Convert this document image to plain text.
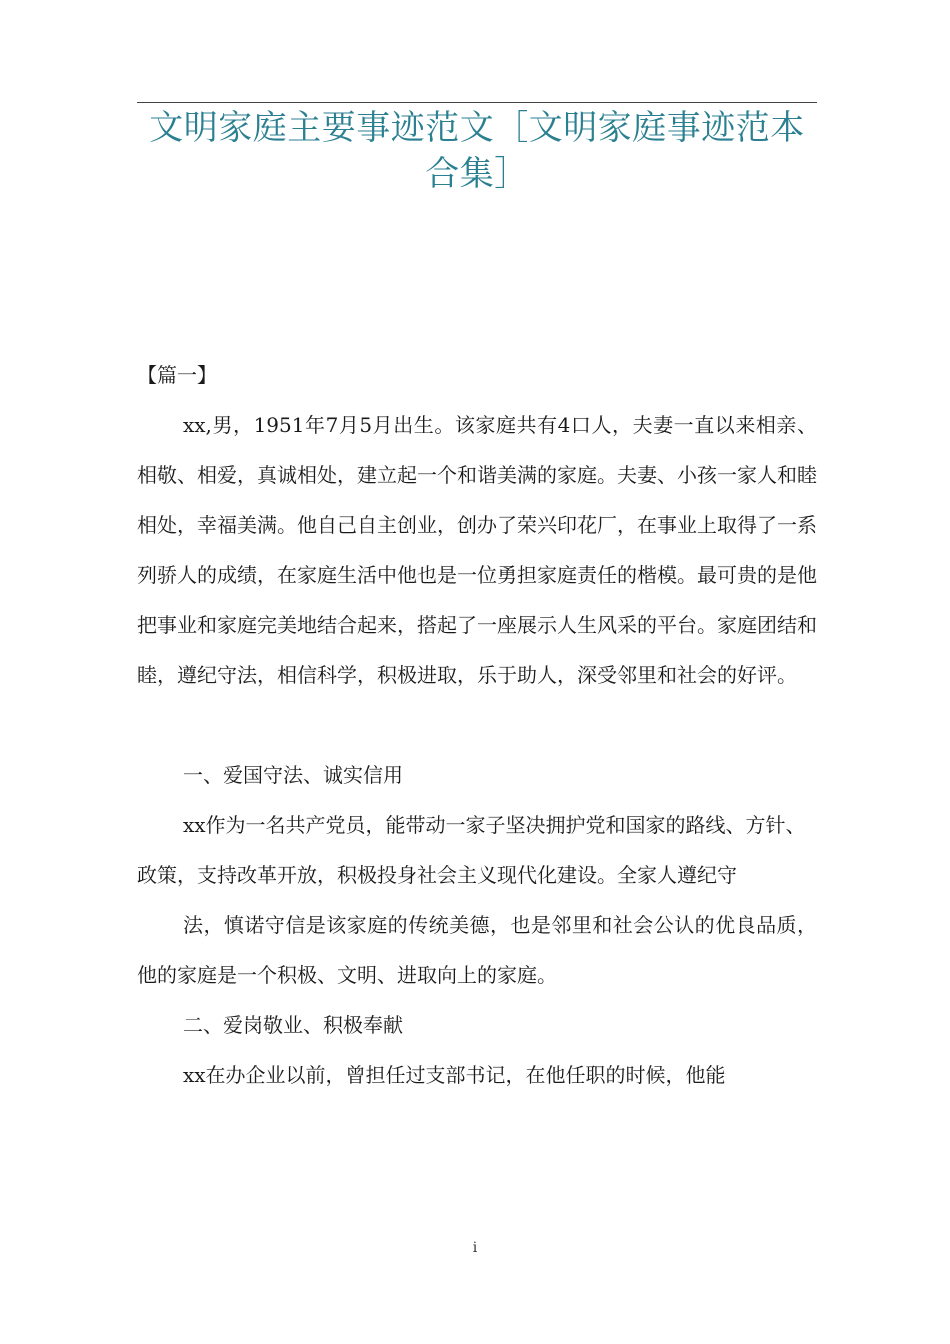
文明家庭主要事迹范文［文明家庭事迹范本合集］

【篇一】

xx,男，1951年7月5月出生。该家庭共有4口人，夫妻一直以来相亲、相敬、相爱，真诚相处，建立起一个和谐美满的家庭。夫妻、小孩一家人和睦相处，幸福美满。他自己自主创业，创办了荣兴印花厂，在事业上取得了一系列骄人的成绩，在家庭生活中他也是一位勇担家庭责任的楷模。最可贵的是他把事业和家庭完美地结合起来，搭起了一座展示人生风采的平台。家庭团结和睦，遵纪守法，相信科学，积极进取，乐于助人，深受邻里和社会的好评。

一、爱国守法、诚实信用

xx作为一名共产党员，能带动一家子坚决拥护党和国家的路线、方针、政策，支持改革开放，积极投身社会主义现代化建设。全家人遵纪守

法，慎诺守信是该家庭的传统美德，也是邻里和社会公认的优良品质，他的家庭是一个积极、文明、进取向上的家庭。

二、爱岗敬业、积极奉献

xx在办企业以前，曾担任过支部书记，在他任职的时候，他能

i
